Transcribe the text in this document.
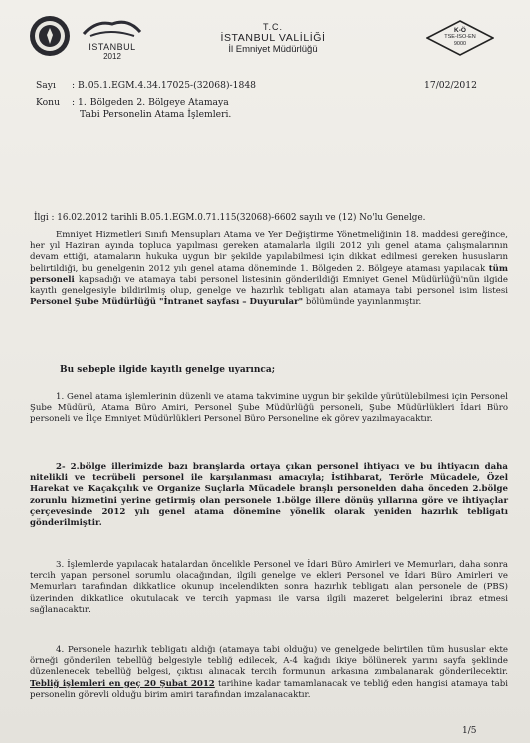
ISTANBUL
2012
T.C.
İSTANBUL VALİLİĞİ
İl Emniyet Müdürlüğü
K-Ö
TSE-ISO-EN
9000
Sayı : B.05.1.EGM.4.34.17025-(32068)-1848	17/02/2012
Konu : 1. Bölgeden 2. Bölgeye Atamaya
Tabi Personelin Atama İşlemleri.
İlgi : 16.02.2012 tarihli B.05.1.EGM.0.71.115(32068)-6602 sayılı ve (12) No'lu Genelge.
Emniyet Hizmetleri Sınıfı Mensupları Atama ve Yer Değiştirme Yönetmeliğinin 18. maddesi gereğince, her yıl Haziran ayında topluca yapılması gereken atamalarla ilgili 2012 yılı genel atama çalışmalarının devam ettiği, atamaların hukuka uygun bir şekilde yapılabilmesi için dikkat edilmesi gereken hususların belirtildiği, bu genelgenin 2012 yılı genel atama döneminde 1. Bölgeden 2. Bölgeye ataması yapılacak tüm personeli kapsadığı ve atamaya tabi personel listesinin gönderildiği Emniyet Genel Müdürlüğü'nün ilgide kayıtlı genelgesiyle bildirilmiş olup, genelge ve hazırlık tebligatı alan atamaya tabi personel isim listesi Personel Şube Müdürlüğü "İntranet sayfası – Duyurular" bölümünde yayınlanmıştır.
Bu sebeple ilgide kayıtlı genelge uyarınca;
1. Genel atama işlemlerinin düzenli ve atama takvimine uygun bir şekilde yürütülebilmesi için Personel Şube Müdürü, Atama Büro Amiri, Personel Şube Müdürlüğü personeli, Şube Müdürlükleri İdari Büro personeli ve İlçe Emniyet Müdürlükleri Personel Büro Personeline ek görev yazılmayacaktır.
2- 2.bölge illerimizde bazı branşlarda ortaya çıkan personel ihtiyacı ve bu ihtiyacın daha nitelikli ve tecrübeli personel ile karşılanması amacıyla; İstihbarat, Terörle Mücadele, Özel Harekat ve Kaçakçılık ve Organize Suçlarla Mücadele branşlı personelden daha önceden 2.bölge zorunlu hizmetini yerine getirmiş olan personele 1.bölge illere dönüş yıllarına göre ve ihtiyaçlar çerçevesinde 2012 yılı genel atama dönemine yönelik olarak yeniden hazırlık tebligatı gönderilmiştir.
3. İşlemlerde yapılacak hatalardan öncelikle Personel ve İdari Büro Amirleri ve Memurları, daha sonra tercih yapan personel sorumlu olacağından, ilgili genelge ve ekleri Personel ve İdari Büro Amirleri ve Memurları tarafından dikkatlice okunup incelendikten sonra hazırlık tebligatı alan personele de (PBS) üzerinden dikkatlice okutulacak ve tercih yapması ile varsa ilgili mazeret belgelerini ibraz etmesi sağlanacaktır.
4. Personele hazırlık tebligatı aldığı (atamaya tabi olduğu) ve genelgede belirtilen tüm hususlar ekte örneği gönderilen tebellüğ belgesiyle tebliğ edilecek, A-4 kağıdı ikiye bölünerek yarını sayfa şeklinde düzenlenecek tebellüğ belgesi, çıktısı alınacak tercih formunun arkasına zımbalanarak gönderilecektir. Tebliğ işlemleri en geç 20 Şubat 2012 tarihine kadar tamamlanacak ve tebliğ eden hangisi atamaya tabi personelin görevli olduğu birim amiri tarafından imzalanacaktır.
1/5
